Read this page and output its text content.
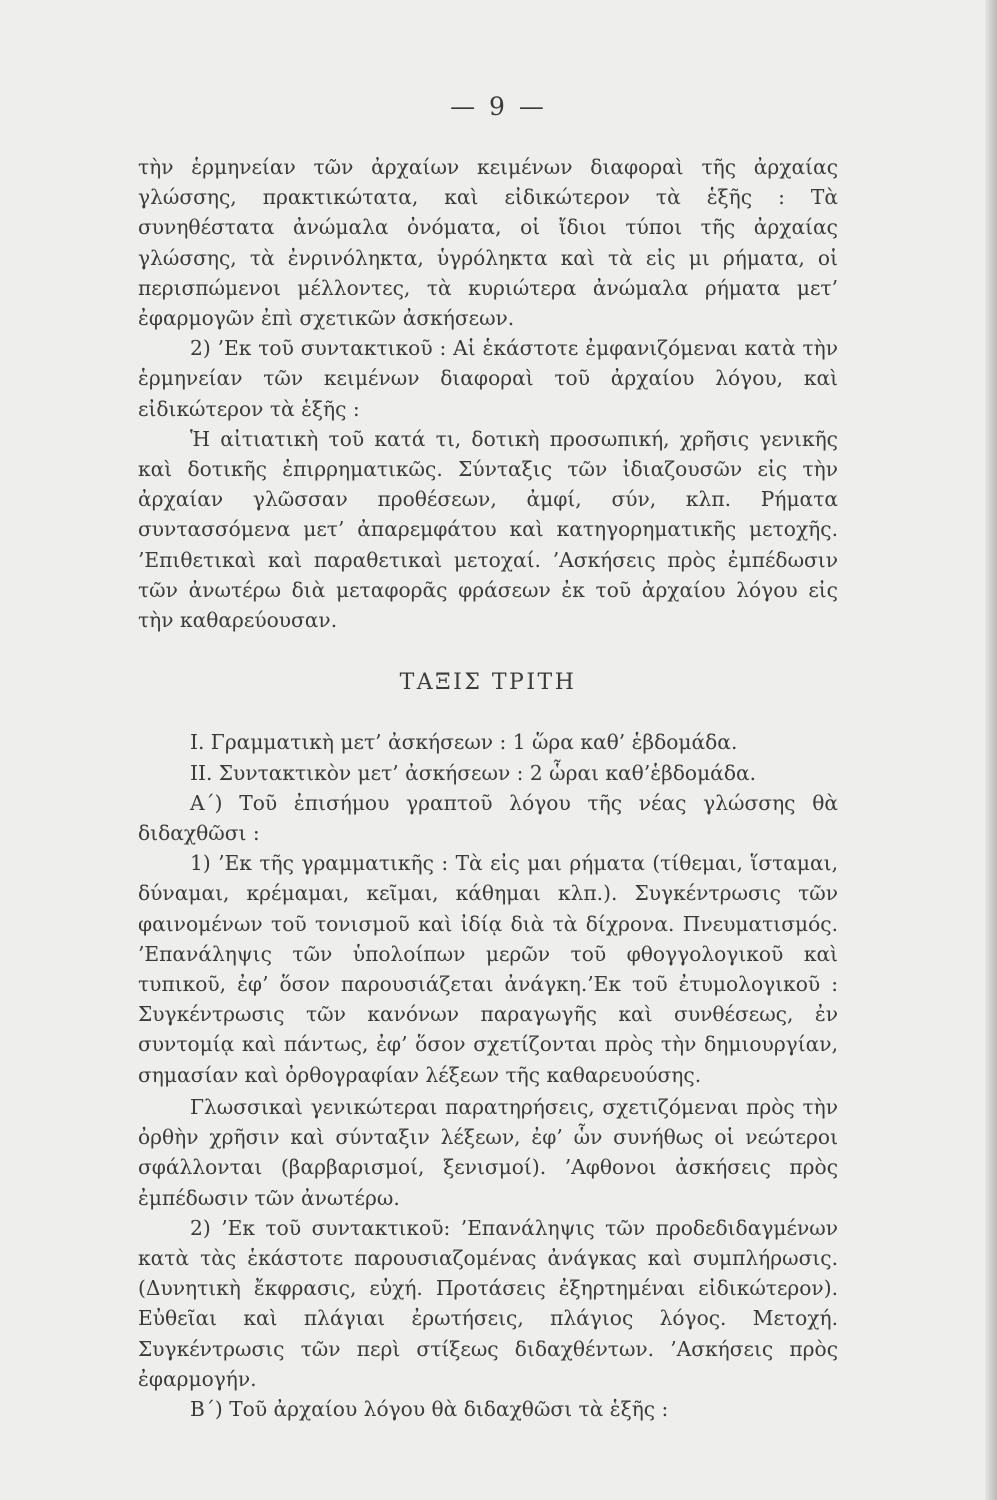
— 9 —

τὴν ἑρμηνείαν τῶν ἀρχαίων κειμένων διαφοραὶ τῆς ἀρχαίας γλώσσης, πρακτικώτατα, καὶ εἰδικώτερον τὰ ἑξῆς : Τὰ συνηθέστατα ἀνώμαλα ὀνόματα, οἱ ἴδιοι τύποι τῆς ἀρχαίας γλώσσης, τὰ ἐνρινόληκτα, ὑγρόληκτα καὶ τὰ εἰς μι ρήματα, οἱ περισπώμενοι μέλλοντες, τὰ κυριώτερα ἀνώμαλα ρήματα μετ’ ἐφαρμογῶν ἐπὶ σχετικῶν ἀσκήσεων.

2) ’Εκ τοῦ συντακτικοῦ : Αἱ ἑκάστοτε ἐμφανιζόμεναι κατὰ τὴν ἑρμηνείαν τῶν κειμένων διαφοραὶ τοῦ ἀρχαίου λόγου, καὶ εἰδικώτερον τὰ ἑξῆς :

Ἡ αἰτιατικὴ τοῦ κατά τι, δοτικὴ προσωπική, χρῆσις γενικῆς καὶ δοτικῆς ἐπιρρηματικῶς. Σύνταξις τῶν ἰδιαζουσῶν εἰς τὴν ἀρχαίαν γλῶσσαν προθέσεων, ἀμφί, σύν, κλπ. Ρήματα συντασσόμενα μετ’ ἀπαρεμφάτου καὶ κατηγορηματικῆς μετοχῆς. ’Επιθετικαὶ καὶ παραθετικαὶ μετοχαί. ’Ασκήσεις πρὸς ἐμπέδωσιν τῶν ἀνωτέρω διὰ μεταφορᾶς φράσεων ἐκ τοῦ ἀρχαίου λόγου εἰς τὴν καθαρεύουσαν.

ΤΑΞΙΣ ΤΡΙΤΗ

I. Γραμματικὴ μετ’ ἀσκήσεων : 1 ὥρα καθ’ ἑβδομάδα.

II. Συντακτικὸν μετ’ ἀσκήσεων : 2 ὧραι καθ’ἑβδομάδα.

Α΄) Τοῦ ἐπισήμου γραπτοῦ λόγου τῆς νέας γλώσσης θὰ διδαχθῶσι :

1) ’Εκ τῆς γραμματικῆς : Τὰ εἰς μαι ρήματα (τίθεμαι, ἵσταμαι, δύναμαι, κρέμαμαι, κεῖμαι, κάθημαι κλπ.). Συγκέντρωσις τῶν φαινομένων τοῦ τονισμοῦ καὶ ἰδίᾳ διὰ τὰ δίχρονα. Πνευματισμός. ’Επανάληψις τῶν ὑπολοίπων μερῶν τοῦ φθογγολογικοῦ καὶ τυπικοῦ, ἐφ’ ὅσον παρουσιάζεται ἀνάγκη.’Εκ τοῦ ἐτυμολογικοῦ : Συγκέντρωσις τῶν κανόνων παραγωγῆς καὶ συνθέσεως, ἐν συντομίᾳ καὶ πάντως, ἐφ’ ὅσον σχετίζονται πρὸς τὴν δημιουργίαν, σημασίαν καὶ ὀρθογραφίαν λέξεων τῆς καθαρευούσης.

Γλωσσικαὶ γενικώτεραι παρατηρήσεις, σχετιζόμεναι πρὸς τὴν ὀρθὴν χρῆσιν καὶ σύνταξιν λέξεων, ἐφ’ ὧν συνήθως οἱ νεώτεροι σφάλλονται (βαρβαρισμοί, ξενισμοί). ’Αφθονοι ἀσκήσεις πρὸς ἐμπέδωσιν τῶν ἀνωτέρω.

2) ’Εκ τοῦ συντακτικοῦ: ’Επανάληψις τῶν προδεδιδαγμένων κατὰ τὰς ἑκάστοτε παρουσιαζομένας ἀνάγκας καὶ συμπλήρωσις. (Δυνητικὴ ἔκφρασις, εὐχή. Προτάσεις ἐξηρτημέναι εἰδικώτερον). Εὐθεῖαι καὶ πλάγιαι ἐρωτήσεις, πλάγιος λόγος. Μετοχή. Συγκέντρωσις τῶν περὶ στίξεως διδαχθέντων. ’Ασκήσεις πρὸς ἐφαρμογήν.

Β΄) Τοῦ ἀρχαίου λόγου θὰ διδαχθῶσι τὰ ἑξῆς :
